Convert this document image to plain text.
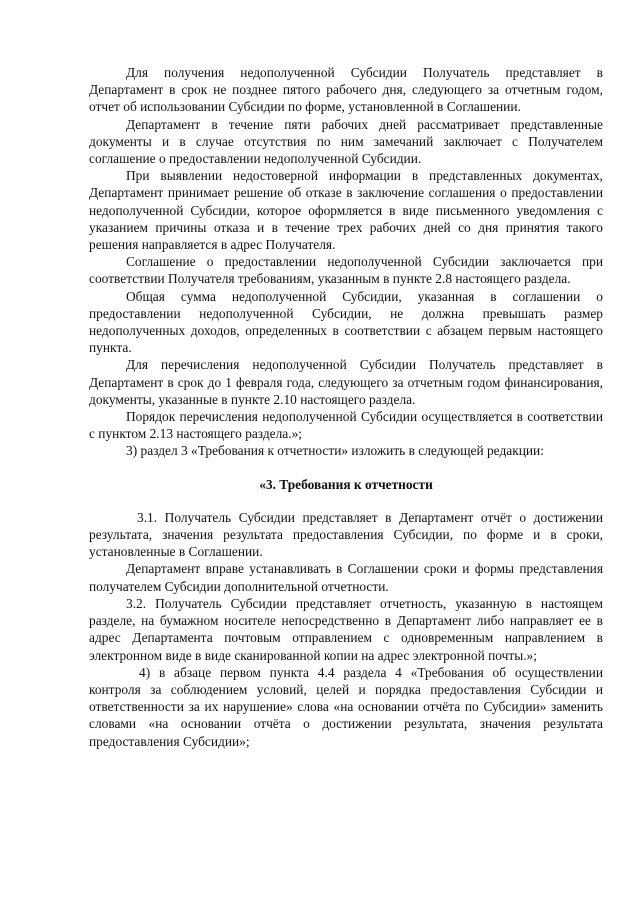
Для получения недополученной Субсидии Получатель представляет в Департамент в срок не позднее пятого рабочего дня, следующего за отчетным годом, отчет об использовании Субсидии по форме, установленной в Соглашении.

Департамент в течение пяти рабочих дней рассматривает представленные документы и в случае отсутствия по ним замечаний заключает с Получателем соглашение о предоставлении недополученной Субсидии.

При выявлении недостоверной информации в представленных документах, Департамент принимает решение об отказе в заключение соглашения о предоставлении недополученной Субсидии, которое оформляется в виде письменного уведомления с указанием причины отказа и в течение трех рабочих дней со дня принятия такого решения направляется в адрес Получателя.

Соглашение о предоставлении недополученной Субсидии заключается при соответствии Получателя требованиям, указанным в пункте 2.8 настоящего раздела.

Общая сумма недополученной Субсидии, указанная в соглашении о предоставлении недополученной Субсидии, не должна превышать размер недополученных доходов, определенных в соответствии с абзацем первым настоящего пункта.

Для перечисления недополученной Субсидии Получатель представляет в Департамент в срок до 1 февраля года, следующего за отчетным годом финансирования, документы, указанные в пункте 2.10 настоящего раздела.

Порядок перечисления недополученной Субсидии осуществляется в соответствии с пунктом 2.13 настоящего раздела.»;

3) раздел 3 «Требования к отчетности» изложить в следующей редакции:

«3. Требования к отчетности

3.1. Получатель Субсидии представляет в Департамент отчёт о достижении результата, значения результата предоставления Субсидии, по форме и в сроки, установленные в Соглашении.

Департамент вправе устанавливать в Соглашении сроки и формы представления получателем Субсидии дополнительной отчетности.

3.2. Получатель Субсидии представляет отчетность, указанную в настоящем разделе, на бумажном носителе непосредственно в Департамент либо направляет ее в адрес Департамента почтовым отправлением с одновременным направлением в электронном виде в виде сканированной копии на адрес электронной почты.»;

4) в абзаце первом пункта 4.4 раздела 4 «Требования об осуществлении контроля за соблюдением условий, целей и порядка предоставления Субсидии и ответственности за их нарушение» слова «на основании отчёта по Субсидии» заменить словами «на основании отчёта о достижении результата, значения результата предоставления Субсидии»;
